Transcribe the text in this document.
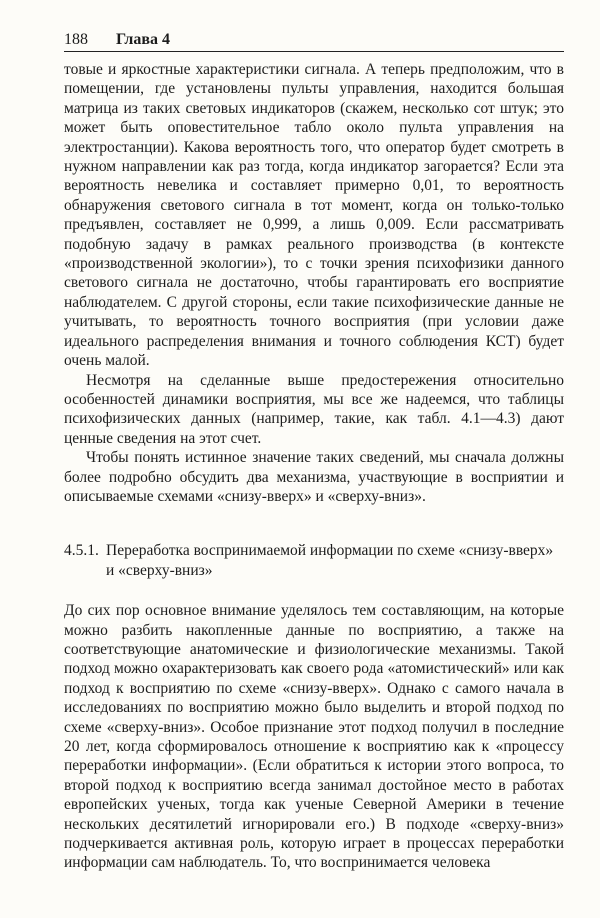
188 Глава 4

товые и яркостные характеристики сигнала. А теперь предположим, что в помещении, где установлены пульты управления, находится большая матрица из таких световых индикаторов (скажем, несколько сот штук; это может быть оповестительное табло около пульта управления на электростанции). Какова вероятность того, что оператор будет смотреть в нужном направлении как раз тогда, когда индикатор загорается? Если эта вероятность невелика и составляет примерно 0,01, то вероятность обнаружения светового сигнала в тот момент, когда он только-только предъявлен, составляет не 0,999, а лишь 0,009. Если рассматривать подобную задачу в рамках реального производства (в контексте «производственной экологии»), то с точки зрения психофизики данного светового сигнала не достаточно, чтобы гарантировать его восприятие наблюдателем. С другой стороны, если такие психофизические данные не учитывать, то вероятность точного восприятия (при условии даже идеального распределения внимания и точного соблюдения КСТ) будет очень малой.

Несмотря на сделанные выше предостережения относительно особенностей динамики восприятия, мы все же надеемся, что таблицы психофизических данных (например, такие, как табл. 4.1—4.3) дают ценные сведения на этот счет.

Чтобы понять истинное значение таких сведений, мы сначала должны более подробно обсудить два механизма, участвующие в восприятии и описываемые схемами «снизу-вверх» и «сверху-вниз».

4.5.1. Переработка воспринимаемой информации по схеме «снизу-вверх» и «сверху-вниз»

До сих пор основное внимание уделялось тем составляющим, на которые можно разбить накопленные данные по восприятию, а также на соответствующие анатомические и физиологические механизмы. Такой подход можно охарактеризовать как своего рода «атомистический» или как подход к восприятию по схеме «снизу-вверх». Однако с самого начала в исследованиях по восприятию можно было выделить и второй подход по схеме «сверху-вниз». Особое признание этот подход получил в последние 20 лет, когда сформировалось отношение к восприятию как к «процессу переработки информации». (Если обратиться к истории этого вопроса, то второй подход к восприятию всегда занимал достойное место в работах европейских ученых, тогда как ученые Северной Америки в течение нескольких десятилетий игнорировали его.) В подходе «сверху-вниз» подчеркивается активная роль, которую играет в процессах переработки информации сам наблюдатель. То, что воспринимается человека
